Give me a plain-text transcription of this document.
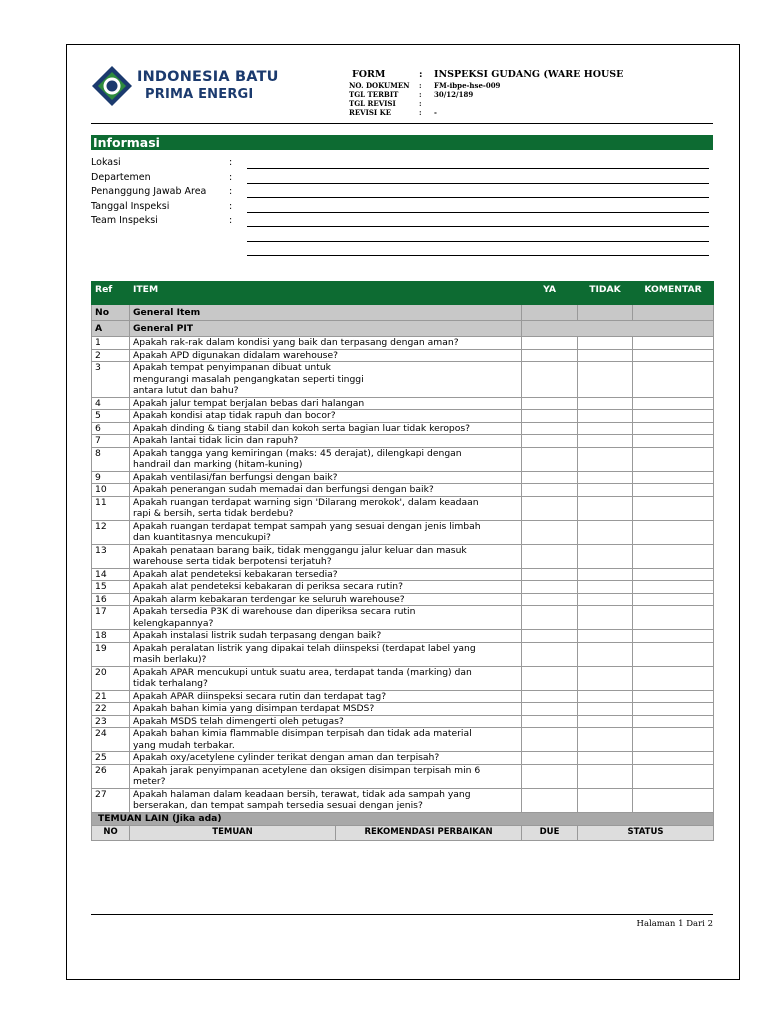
INDONESIA BATU
PRIMA ENERGI
FORM	: INSPEKSI GUDANG (WARE HOUSE
NO. DOKUMEN : FM-ibpe-hse-009
TGL TERBIT	: 30/12/189
TGL REVISI	:
REVISI KE	: -
Informasi
Lokasi	:
Departemen	:
Penanggung Jawab Area :
Tanggal Inspeksi	:
Team Inspeksi	:
Ref	ITEM		YA	TIDAK	KOMENTAR
No	General Item				
A	General PIT				
1	Apakah rak-rak dalam kondisi yang baik dan terpasang dengan aman?				
2	Apakah APD digunakan didalam warehouse?				
3	Apakah tempat penyimpanan dibuat untuk
mengurangi masalah pengangkatan seperti tinggi
antara lutut dan bahu?				
4	Apakah jalur tempat berjalan bebas dari halangan				
5	Apakah kondisi atap tidak rapuh dan bocor?				
6	Apakah dinding & tiang stabil dan kokoh serta bagian luar tidak keropos?				
7	Apakah lantai tidak licin dan rapuh?				
8	Apakah tangga yang kemiringan (maks: 45 derajat), dilengkapi dengan
handrail dan marking (hitam-kuning)				
9	Apakah ventilasi/fan berfungsi dengan baik?				
10	Apakah penerangan sudah memadai dan berfungsi dengan baik?				
11	Apakah ruangan terdapat warning sign 'Dilarang merokok', dalam keadaan
rapi & bersih, serta tidak berdebu?				
12	Apakah ruangan terdapat tempat sampah yang sesuai dengan jenis limbah
dan kuantitasnya mencukupi?				
13	Apakah penataan barang baik, tidak menggangu jalur keluar dan masuk
warehouse serta tidak berpotensi terjatuh?				
14	Apakah alat pendeteksi kebakaran tersedia?				
15	Apakah alat pendeteksi kebakaran di periksa secara rutin?				
16	Apakah alarm kebakaran terdengar ke seluruh warehouse?				
17	Apakah tersedia P3K di warehouse dan diperiksa secara rutin
kelengkapannya?				
18	Apakah instalasi listrik sudah terpasang dengan baik?				
19	Apakah peralatan listrik yang dipakai telah diinspeksi (terdapat label yang
masih berlaku)?				
20	Apakah APAR mencukupi untuk suatu area, terdapat tanda (marking) dan
tidak terhalang?				
21	Apakah APAR diinspeksi secara rutin dan terdapat tag?				
22	Apakah bahan kimia yang disimpan terdapat MSDS?				
23	Apakah MSDS telah dimengerti oleh petugas?				
24	Apakah bahan kimia flammable disimpan terpisah dan tidak ada material
yang mudah terbakar.				
25	Apakah oxy/acetylene cylinder terikat dengan aman dan terpisah?				
26	Apakah jarak penyimpanan acetylene dan oksigen disimpan terpisah min 6
meter?				
27	Apakah halaman dalam keadaan bersih, terawat, tidak ada sampah yang
berserakan, dan tempat sampah tersedia sesuai dengan jenis?				
TEMUAN LAIN (Jika ada)					
NO	TEMUAN	REKOMENDASI PERBAIKAN	DUE	STATUS	
Halaman 1 Dari 2
